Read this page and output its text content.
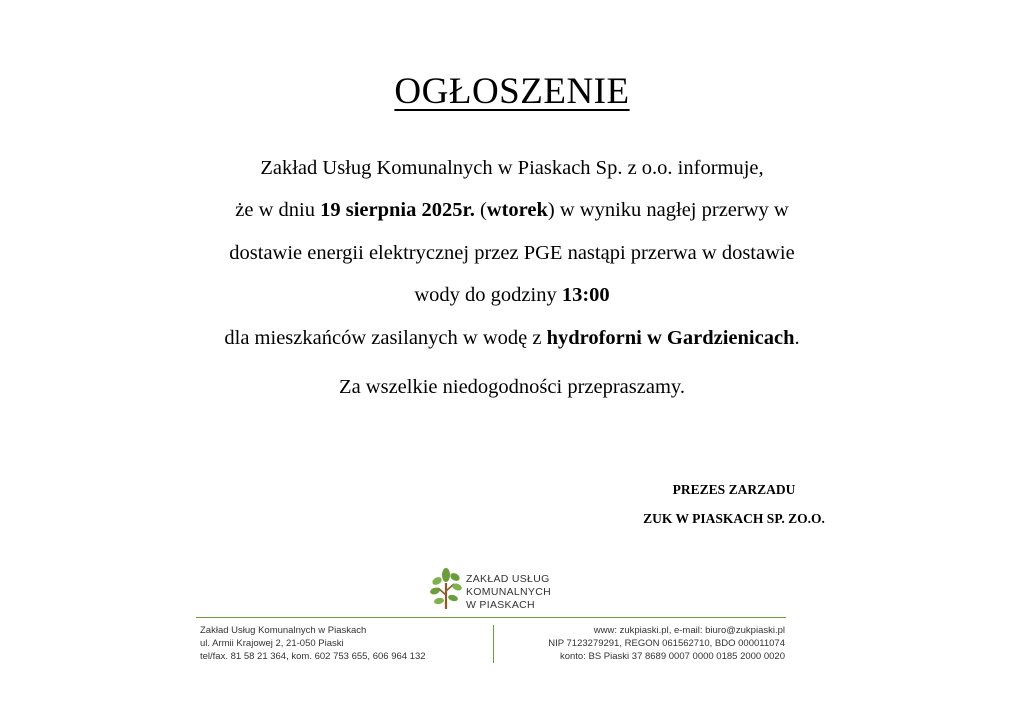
OGŁOSZENIE
Zakład Usług Komunalnych w Piaskach Sp. z o.o. informuje,
że w dniu 19 sierpnia 2025r. (wtorek) w wyniku nagłej przerwy w
dostawie energii elektrycznej przez PGE nastąpi przerwa w dostawie
wody do godziny 13:00
dla mieszkańców zasilanych w wodę z hydroforni w Gardzienicach.
Za wszelkie niedogodności przepraszamy.
PREZES ZARZADU
ZUK W PIASKACH SP. ZO.O.
ZAKŁAD USŁUG
KOMUNALNYCH
W PIASKACH
Zakład Usług Komunalnych w Piaskach
ul. Armii Krajowej 2, 21-050 Piaski
tel/fax. 81 58 21 364, kom. 602 753 655, 606 964 132
www: zukpiaski.pl, e-mail: biuro@zukpiaski.pl
NIP 7123279291, REGON 061562710, BDO 000011074
konto: BS Piaski 37 8689 0007 0000 0185 2000 0020
